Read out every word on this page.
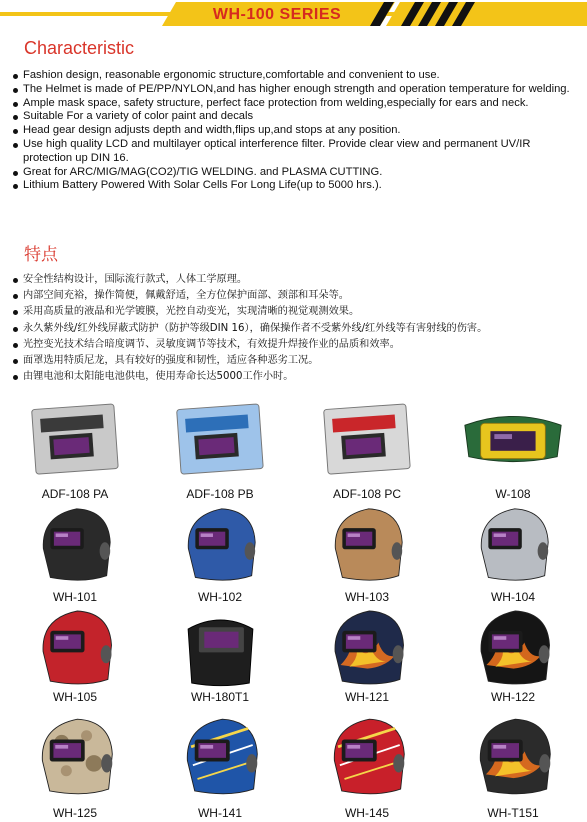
WH-100 SERIES
Characteristic
Fashion design, reasonable ergonomic structure,comfortable and convenient to use.
The Helmet is made of PE/PP/NYLON,and has higher enough strength and operation temperature for welding.
Ample mask space, safety structure, perfect face protection from welding,especially for ears and neck.
Suitable For a variety of color paint and decals
Head gear design adjusts depth and width,flips up,and stops at any position.
Use high quality LCD and multilayer optical interference filter. Provide clear view and permanent UV/IR protection up DIN 16.
Great for ARC/MIG/MAG(CO2)/TIG WELDING. and PLASMA CUTTING.
Lithium Battery Powered With Solar Cells For Long Life(up to 5000 hrs.).
特点
安全性结构设计，国际流行款式，人体工学原理。
内部空间充裕，操作简便，佩戴舒适，全方位保护面部、颈部和耳朵等。
采用高质量的液晶和光学镀膜，光控自动变光，实现清晰的视觉观测效果。
永久紫外线/红外线屏蔽式防护（防护等级DIN 16），确保操作者不受紫外线/红外线等有害射线的伤害。
光控变光技术结合暗度调节、灵敏度调节等技术，有效提升焊接作业的品质和效率。
面罩选用特质尼龙，具有较好的强度和韧性，适应各种恶劣工况。
由锂电池和太阳能电池供电，使用寿命长达5000工作小时。
ADF-108 PA	ADF-108 PB	ADF-108 PC	W-108
WH-101	WH-102	WH-103	WH-104
WH-105	WH-180T1	WH-121	WH-122
WH-125	WH-141	WH-145	WH-T151
